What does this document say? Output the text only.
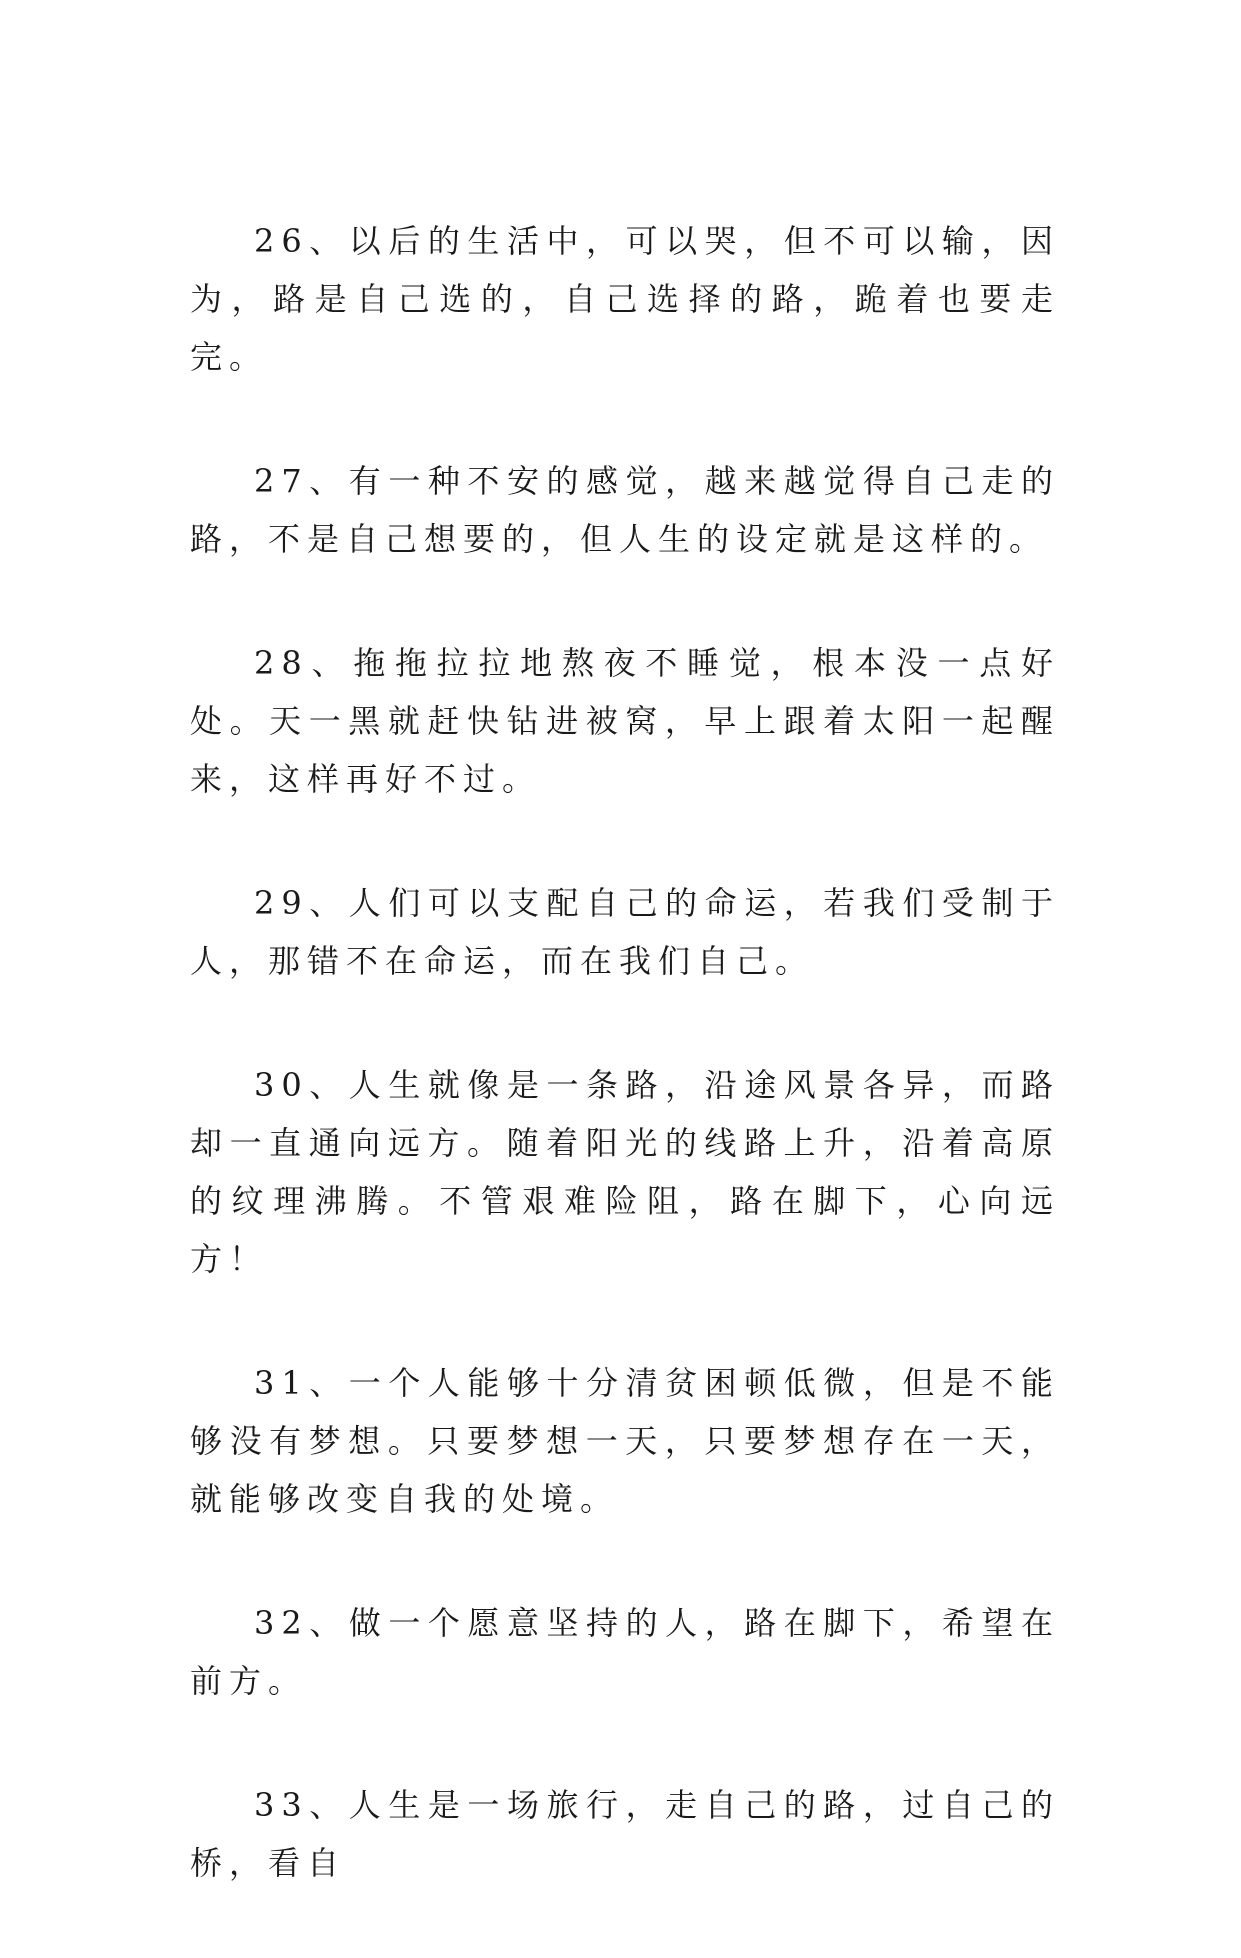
26、以后的生活中，可以哭，但不可以输，因为，路是自己选的，自己选择的路，跪着也要走完。

27、有一种不安的感觉，越来越觉得自己走的路，不是自己想要的，但人生的设定就是这样的。

28、拖拖拉拉地熬夜不睡觉，根本没一点好处。天一黑就赶快钻进被窝，早上跟着太阳一起醒来，这样再好不过。

29、人们可以支配自己的命运，若我们受制于人，那错不在命运，而在我们自己。

30、人生就像是一条路，沿途风景各异，而路却一直通向远方。随着阳光的线路上升，沿着高原的纹理沸腾。不管艰难险阻，路在脚下，心向远方！

31、一个人能够十分清贫困顿低微，但是不能够没有梦想。只要梦想一天，只要梦想存在一天，就能够改变自我的处境。

32、做一个愿意坚持的人，路在脚下，希望在前方。

33、人生是一场旅行，走自己的路，过自己的桥，看自
